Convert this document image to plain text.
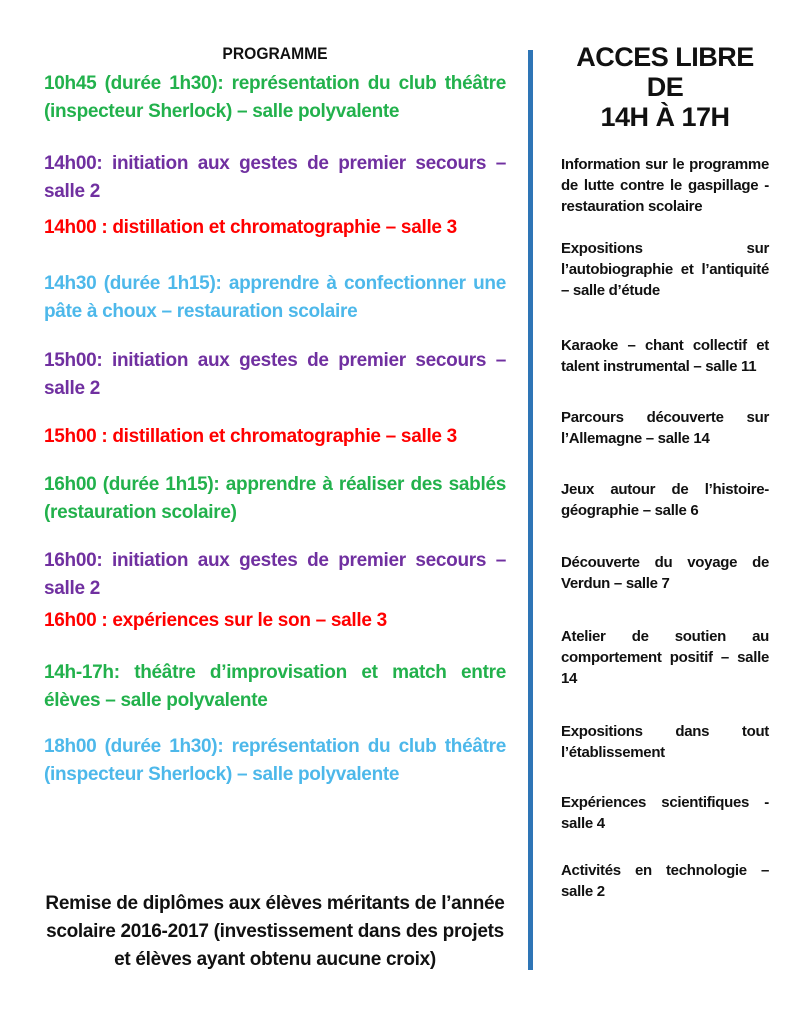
PROGRAMME

10h45 (durée 1h30): représentation du club théâtre (inspecteur Sherlock) – salle polyvalente

14h00: initiation aux gestes de premier secours – salle 2

14h00 : distillation et chromatographie – salle 3

14h30 (durée 1h15): apprendre à confectionner une pâte à choux – restauration scolaire

15h00: initiation aux gestes de premier secours – salle 2

15h00 : distillation et chromatographie – salle 3

16h00 (durée 1h15): apprendre à réaliser des sablés (restauration scolaire)

16h00: initiation aux gestes de premier secours – salle 2

16h00 : expériences sur le son – salle 3

14h-17h: théâtre d’improvisation et match entre élèves – salle polyvalente

18h00 (durée 1h30): représentation du club théâtre (inspecteur Sherlock) – salle polyvalente

Remise de diplômes aux élèves méritants de l’année scolaire 2016-2017 (investissement dans des projets et élèves ayant obtenu aucune croix)
ACCES LIBRE DE
14H À 17H

Information sur le programme de lutte contre le gaspillage - restauration scolaire

Expositions sur l’autobiographie et l’antiquité – salle d’étude

Karaoke – chant collectif et talent instrumental – salle 11

Parcours découverte sur l’Allemagne – salle 14

Jeux autour de l’histoire-géographie – salle 6

Découverte du voyage de Verdun – salle 7

Atelier de soutien au comportement positif – salle 14

Expositions dans tout l’établissement

Expériences scientifiques - salle 4

Activités en technologie – salle 2
